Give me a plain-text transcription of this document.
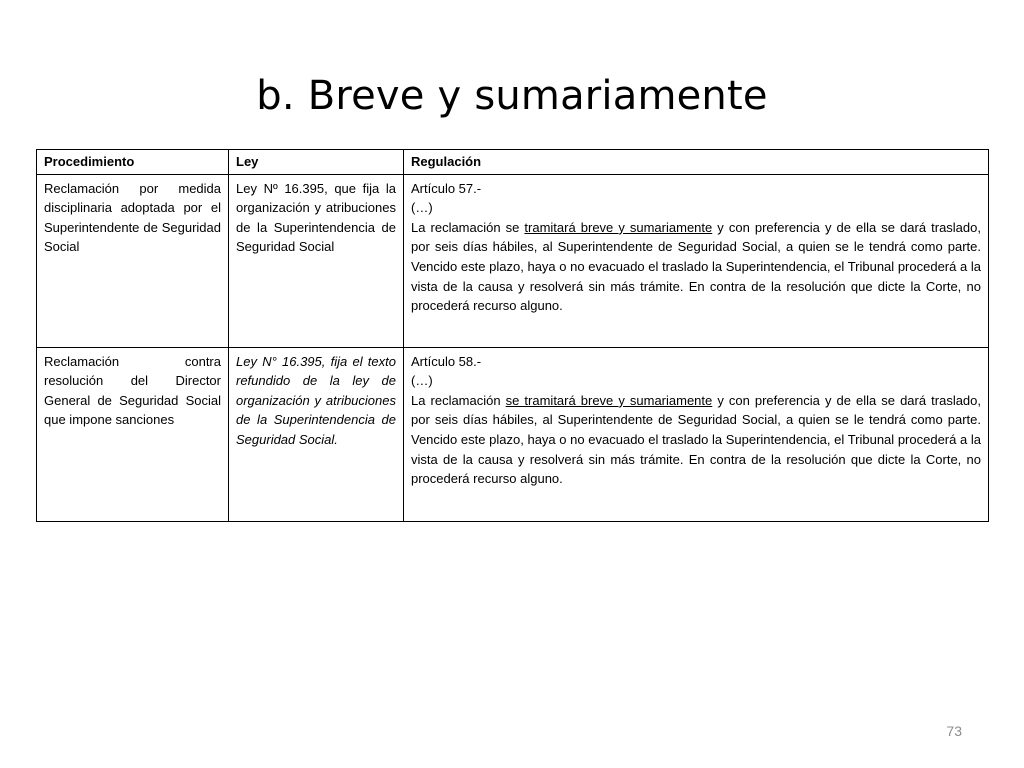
b. Breve y sumariamente
Procedimiento	Ley	Regulación
Reclamación por medida disciplinaria adoptada por el Superintendente de Seguridad Social	Ley Nº 16.395, que fija la organización y atribuciones de la Superintendencia de Seguridad Social	Artículo 57.-
(…)
La reclamación se tramitará breve y sumariamente y con preferencia y de ella se dará traslado, por seis días hábiles, al Superintendente de Seguridad Social, a quien se le tendrá como parte. Vencido este plazo, haya o no evacuado el traslado la Superintendencia, el Tribunal procederá a la vista de la causa y resolverá sin más trámite. En contra de la resolución que dicte la Corte, no procederá recurso alguno.
Reclamación contra resolución del Director General de Seguridad Social que impone sanciones	Ley N° 16.395, fija el texto refundido de la ley de organización y atribuciones de la Superintendencia de Seguridad Social.	Artículo 58.-
(…)
La reclamación se tramitará breve y sumariamente y con preferencia y de ella se dará traslado, por seis días hábiles, al Superintendente de Seguridad Social, a quien se le tendrá como parte. Vencido este plazo, haya o no evacuado el traslado la Superintendencia, el Tribunal procederá a la vista de la causa y resolverá sin más trámite. En contra de la resolución que dicte la Corte, no procederá recurso alguno.
73
